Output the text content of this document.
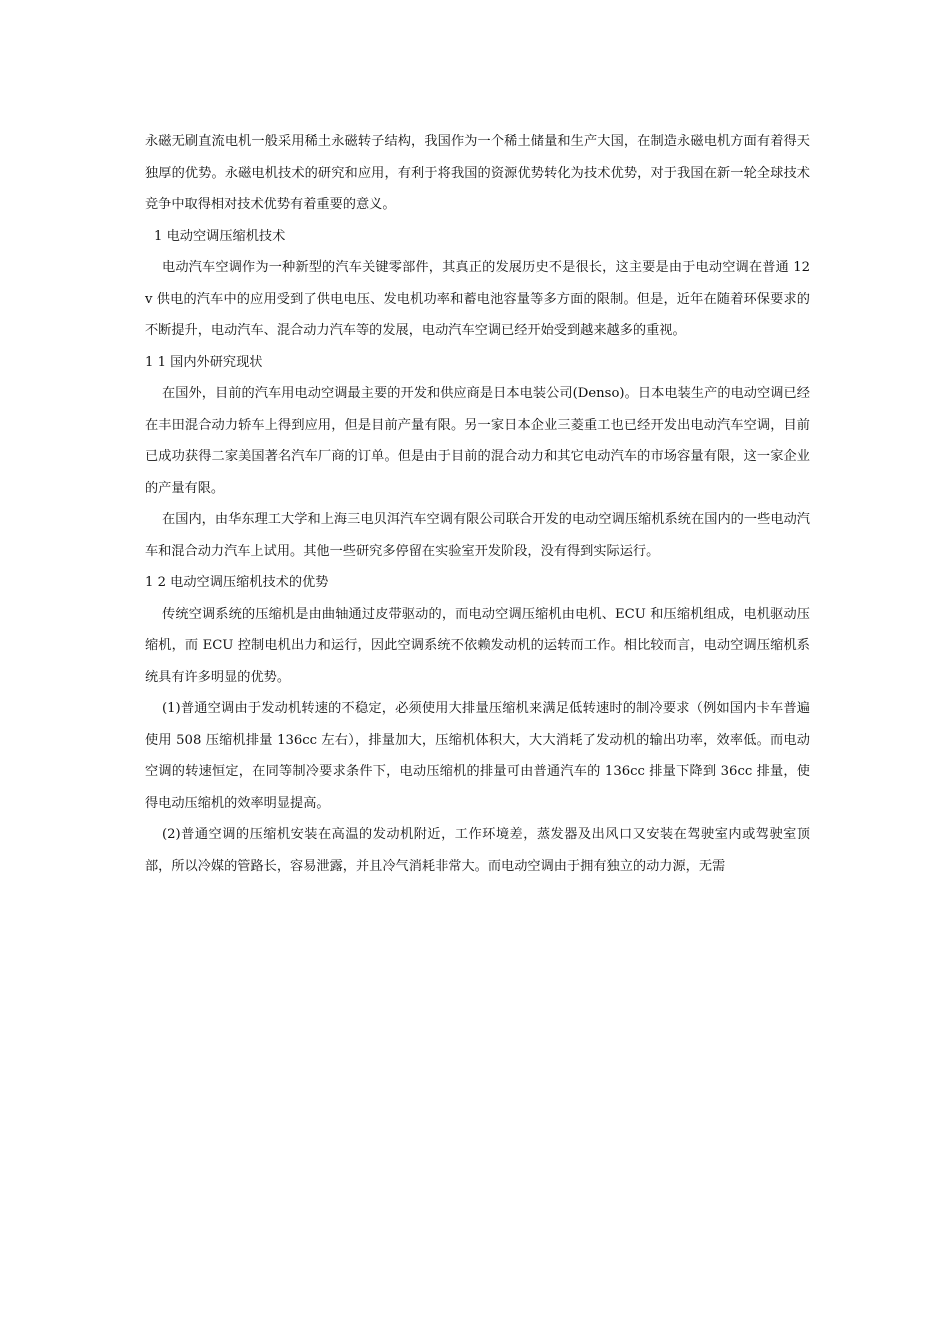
永磁无刷直流电机一般采用稀土永磁转子结构，我国作为一个稀土储量和生产大国，在制造永磁电机方面有着得天独厚的优势。永磁电机技术的研究和应用，有利于将我国的资源优势转化为技术优势，对于我国在新一轮全球技术竞争中取得相对技术优势有着重要的意义。

1 电动空调压缩机技术

电动汽车空调作为一种新型的汽车关键零部件，其真正的发展历史不是很长，这主要是由于电动空调在普通 12v 供电的汽车中的应用受到了供电电压、发电机功率和蓄电池容量等多方面的限制。但是，近年在随着环保要求的不断提升，电动汽车、混合动力汽车等的发展，电动汽车空调已经开始受到越来越多的重视。

1 1 国内外研究现状

在国外，目前的汽车用电动空调最主要的开发和供应商是日本电装公司(Denso)。日本电装生产的电动空调已经在丰田混合动力轿车上得到应用，但是目前产量有限。另一家日本企业三菱重工也已经开发出电动汽车空调，目前已成功获得二家美国著名汽车厂商的订单。但是由于目前的混合动力和其它电动汽车的市场容量有限，这一家企业的产量有限。

在国内，由华东理工大学和上海三电贝洱汽车空调有限公司联合开发的电动空调压缩机系统在国内的一些电动汽车和混合动力汽车上试用。其他一些研究多停留在实验室开发阶段，没有得到实际运行。

1 2 电动空调压缩机技术的优势

传统空调系统的压缩机是由曲轴通过皮带驱动的，而电动空调压缩机由电机、ECU 和压缩机组成，电机驱动压缩机，而 ECU 控制电机出力和运行，因此空调系统不依赖发动机的运转而工作。相比较而言，电动空调压缩机系统具有许多明显的优势。

(1)普通空调由于发动机转速的不稳定，必须使用大排量压缩机来满足低转速时的制冷要求（例如国内卡车普遍使用 508 压缩机排量 136cc 左右），排量加大，压缩机体积大，大大消耗了发动机的输出功率，效率低。而电动空调的转速恒定，在同等制冷要求条件下，电动压缩机的排量可由普通汽车的 136cc 排量下降到 36cc 排量，使得电动压缩机的效率明显提高。

(2)普通空调的压缩机安装在高温的发动机附近，工作环境差，蒸发器及出风口又安装在驾驶室内或驾驶室顶部，所以冷媒的管路长，容易泄露，并且冷气消耗非常大。而电动空调由于拥有独立的动力源，无需
